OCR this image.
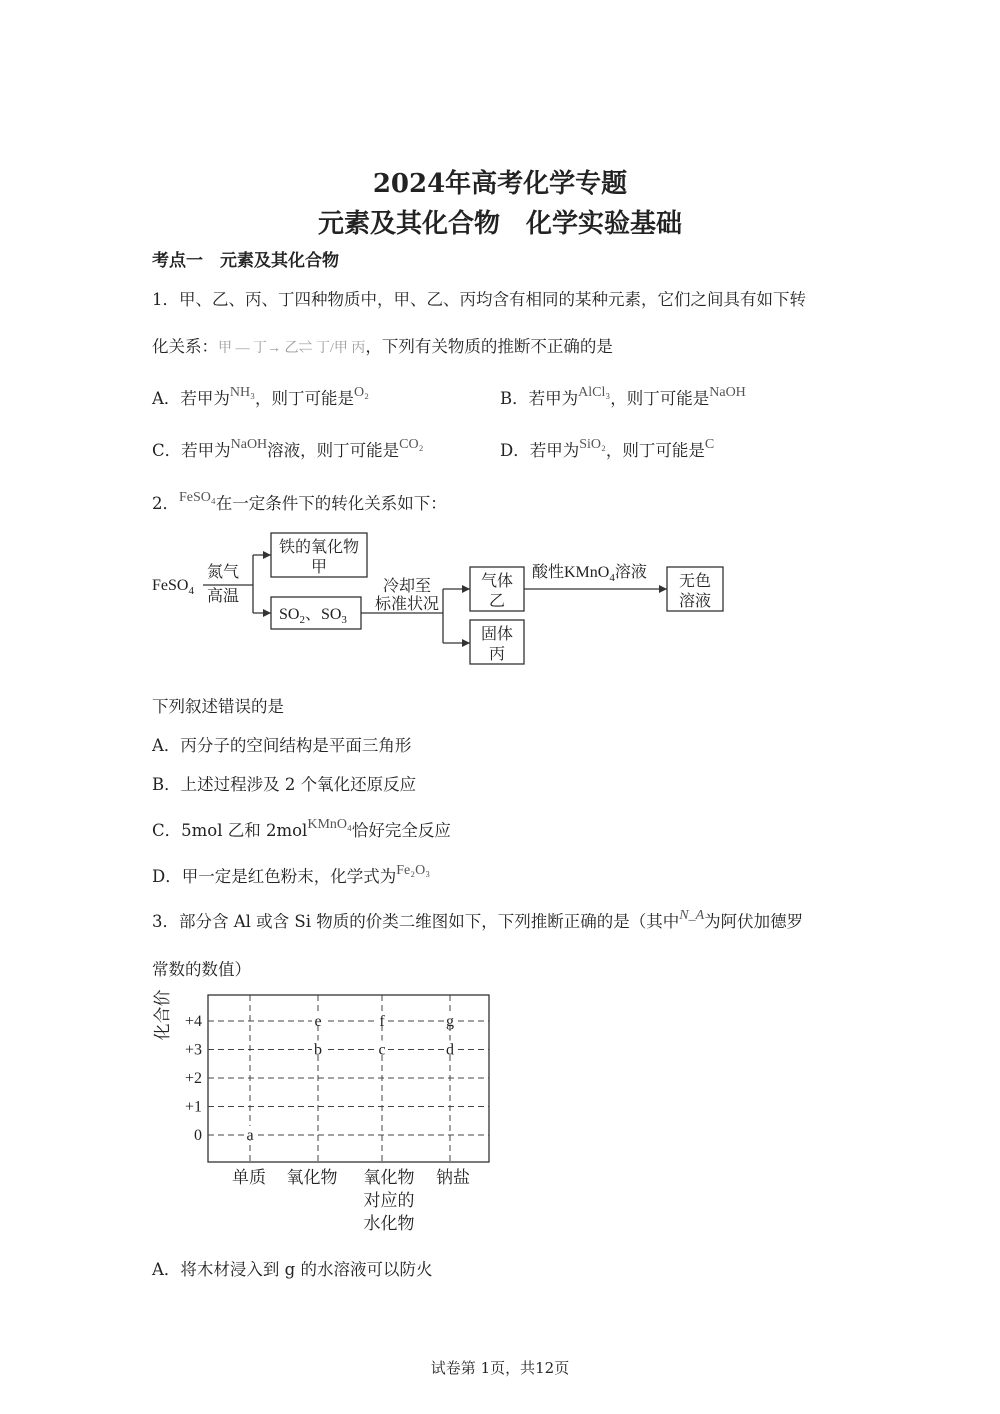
2024年高考化学专题
元素及其化合物　化学实验基础
考点一　元素及其化合物
1．甲、乙、丙、丁四种物质中，甲、乙、丙均含有相同的某种元素，它们之间具有如下转
化关系：甲 — 丁→ 乙⇌ 丁/甲 丙，下列有关物质的推断不正确的是
A．若甲为$^{NH_3}$，则丁可能是$^{O_2}$	B．若甲为$^{AlCl_3}$，则丁可能是$^{NaOH}$
C．若甲为$^{NaOH}$溶液，则丁可能是$^{CO_2}$	D．若甲为$^{SiO_2}$，则丁可能是$^C$
2．$^{FeSO_4}$在一定条件下的转化关系如下：
FeSO$_4$
氮气
高温
铁的氧化物
甲
$SO_2$、$SO_3$
冷却至
标准状况
气体
乙
固体
丙
酸性KMnO$_4$溶液
无色
溶液
下列叙述错误的是
A．丙分子的空间结构是平面三角形
B．上述过程涉及 2 个氧化还原反应
C．5mol 乙和 2mol$^{KMnO_4}$恰好完全反应
D．甲一定是红色粉末，化学式为$^{Fe_2O_3}$
3．部分含 Al 或含 Si 物质的价类二维图如下，下列推断正确的是（其中$^{N\_A}$为阿伏加德罗
常数的数值）
化合价 +4
+3
+2
+1
0
单质 氧化物 氧化物 钠盐
对应的
水化物
a
b
e
c
f
d
g
A．将木材浸入到 g 的水溶液可以防火
试卷第 1页，共12页
